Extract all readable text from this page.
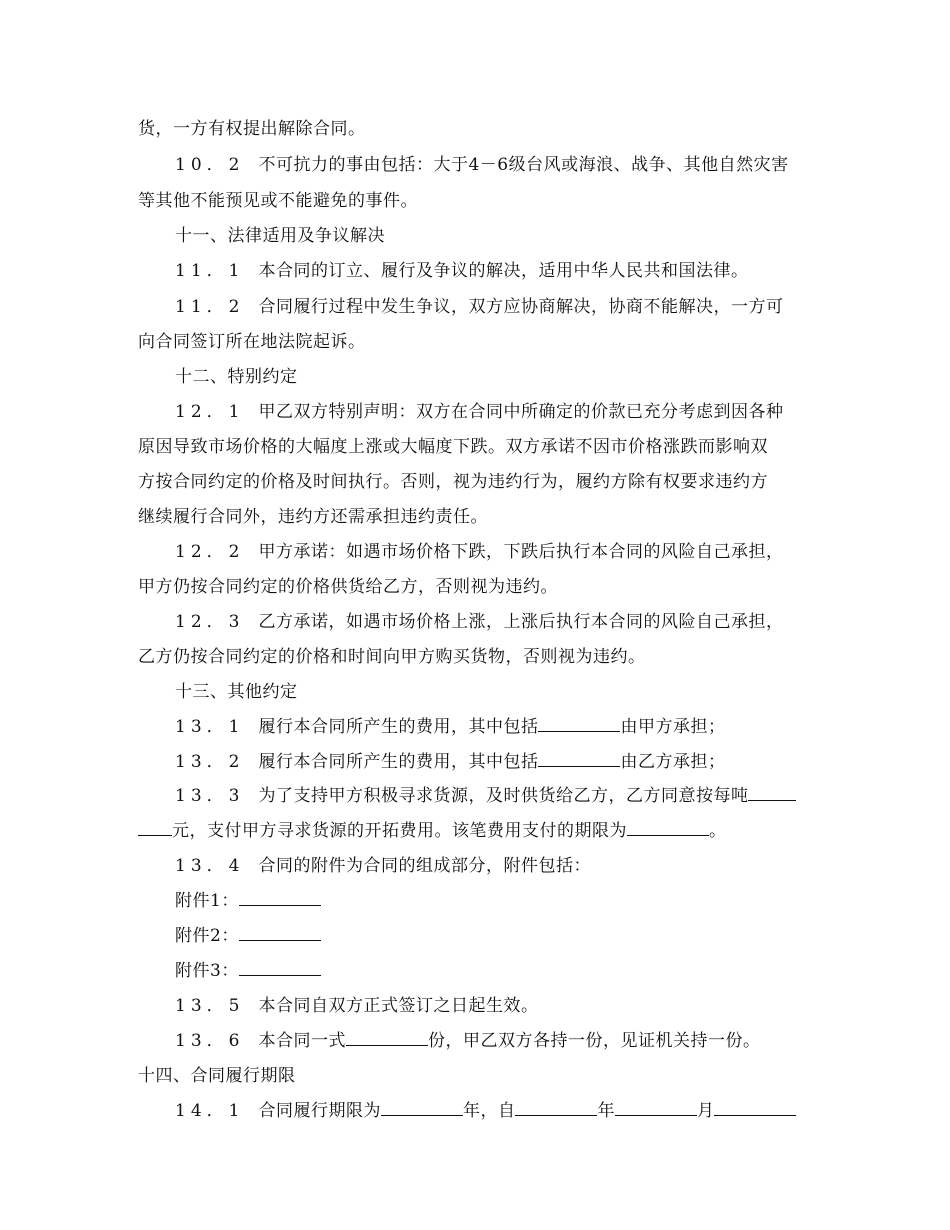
货，一方有权提出解除合同。
10．2 不可抗力的事由包括：大于4－6级台风或海浪、战争、其他自然灾害
等其他不能预见或不能避免的事件。
十一、法律适用及争议解决
11．1 本合同的订立、履行及争议的解决，适用中华人民共和国法律。
11．2 合同履行过程中发生争议，双方应协商解决，协商不能解决，一方可
向合同签订所在地法院起诉。
十二、特别约定
12．1 甲乙双方特别声明：双方在合同中所确定的价款已充分考虑到因各种
原因导致市场价格的大幅度上涨或大幅度下跌。双方承诺不因市价格涨跌而影响双
方按合同约定的价格及时间执行。否则，视为违约行为，履约方除有权要求违约方
继续履行合同外，违约方还需承担违约责任。
12．2 甲方承诺：如遇市场价格下跌，下跌后执行本合同的风险自己承担，
甲方仍按合同约定的价格供货给乙方，否则视为违约。
12．3 乙方承诺，如遇市场价格上涨，上涨后执行本合同的风险自己承担，
乙方仍按合同约定的价格和时间向甲方购买货物，否则视为违约。
十三、其他约定
13．1 履行本合同所产生的费用，其中包括	由甲方承担；
13．2 履行本合同所产生的费用，其中包括	由乙方承担；
13．3 为了支持甲方积极寻求货源，及时供货给乙方，乙方同意按每吨
元，支付甲方寻求货源的开拓费用。该笔费用支付的期限为	。
13．4 合同的附件为合同的组成部分，附件包括：
附件1：
附件2：
附件3：
13．5 本合同自双方正式签订之日起生效。
13．6 本合同一式	份，甲乙双方各持一份，见证机关持一份。
十四、合同履行期限
14．1 合同履行期限为	年，自	年	月
